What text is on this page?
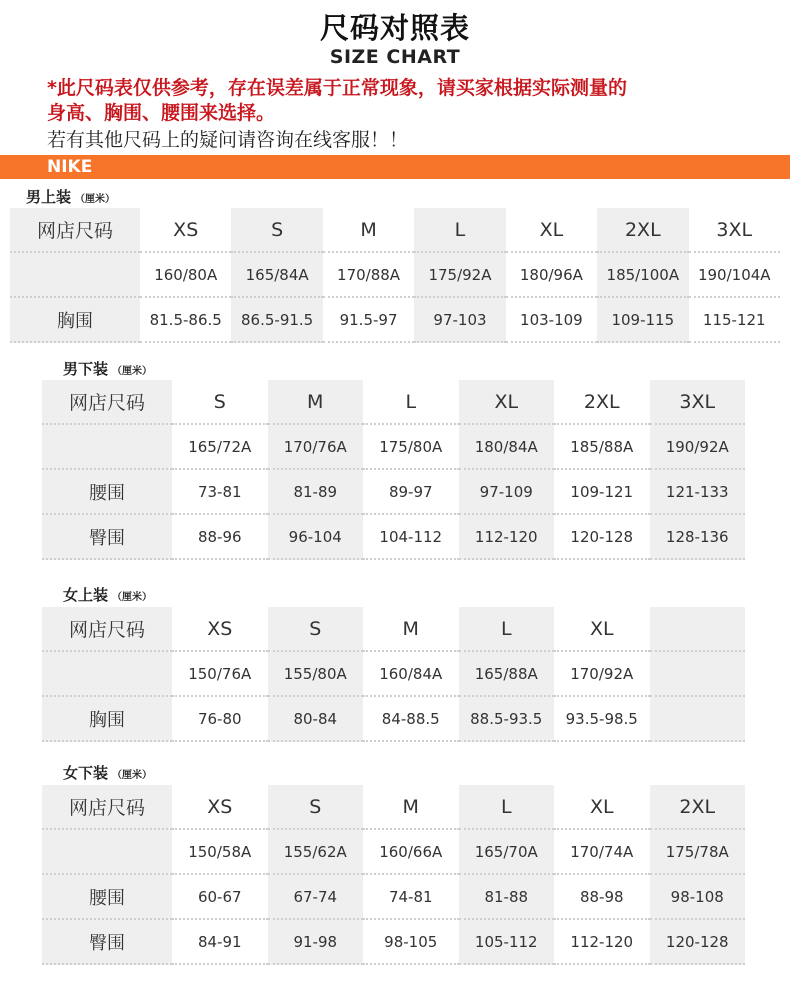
尺码对照表
SIZE CHART
*此尺码表仅供参考，存在误差属于正常现象，请买家根据实际测量的
身高、胸围、腰围来选择。
若有其他尺码上的疑问请咨询在线客服！！
NIKE
男上装 （厘米）
网店尺码	XS	S	M	L	XL	2XL	3XL
	160/80A	165/84A	170/88A	175/92A	180/96A	185/100A	190/104A
胸围	81.5-86.5	86.5-91.5	91.5-97	97-103	103-109	109-115	115-121
男下装 （厘米）
网店尺码	S	M	L	XL	2XL	3XL
	165/72A	170/76A	175/80A	180/84A	185/88A	190/92A
腰围	73-81	81-89	89-97	97-109	109-121	121-133
臀围	88-96	96-104	104-112	112-120	120-128	128-136
女上装 （厘米）
网店尺码	XS	S	M	L	XL	
	150/76A	155/80A	160/84A	165/88A	170/92A	
胸围	76-80	80-84	84-88.5	88.5-93.5	93.5-98.5	
女下装 （厘米）
网店尺码	XS	S	M	L	XL	2XL
	150/58A	155/62A	160/66A	165/70A	170/74A	175/78A
腰围	60-67	67-74	74-81	81-88	88-98	98-108
臀围	84-91	91-98	98-105	105-112	112-120	120-128
